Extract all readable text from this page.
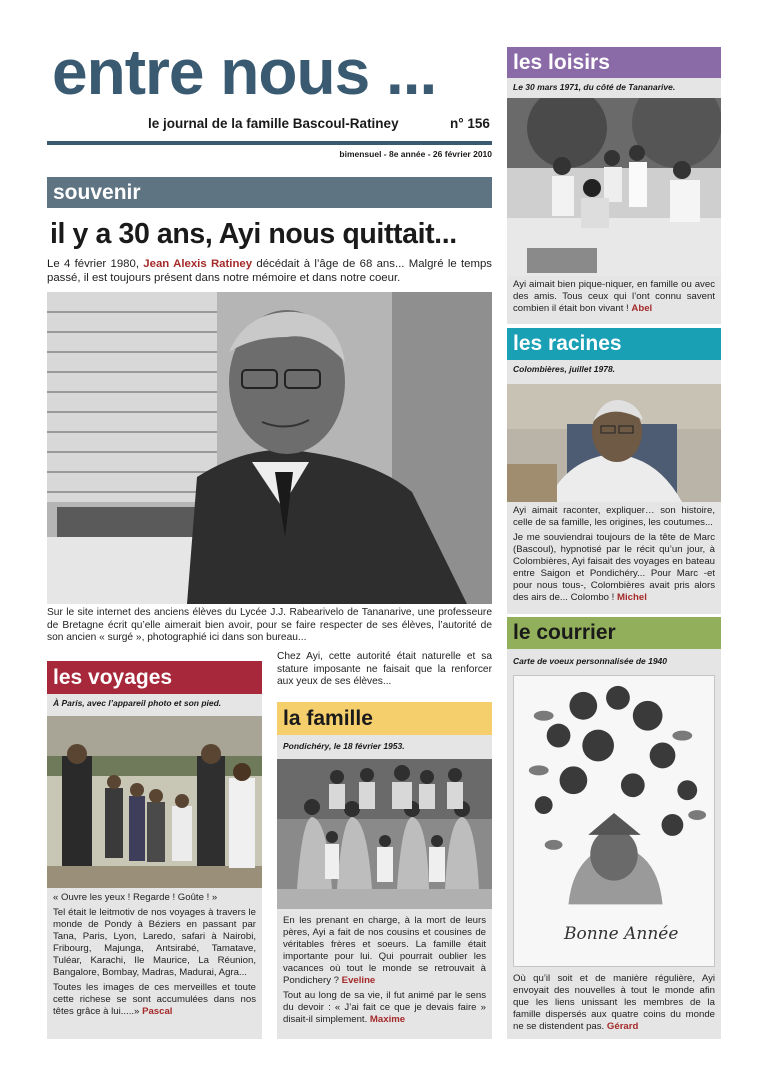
entre nous ...
le journal de la famille Bascoul-Ratiney	n° 156
bimensuel - 8e année - 26 février 2010
souvenir
il y a 30 ans, Ayi nous quittait...
Le 4 février 1980, Jean Alexis Ratiney décédait à l’âge de 68 ans... Malgré le temps passé, il est toujours présent dans notre mémoire et dans notre coeur.
Sur le site internet des anciens élèves du Lycée J.J. Rabearivelo de Tananarive, une professeure de Bretagne écrit qu’elle aimerait bien avoir, pour se faire respecter de ses élèves, l’autorité de son ancien « surgé », photographié ici dans son bureau...
Chez Ayi, cette autorité était naturelle et sa stature imposante ne faisait que la renforcer aux yeux de ses élèves...
les loisirs
Le 30 mars 1971, du côté de Tananarive.
Ayi aimait bien pique-niquer, en famille ou avec des amis. Tous ceux qui l’ont connu savent combien il était bon vivant ! Abel
les racines
Colombières, juillet 1978.

Ayi aimait raconter, expliquer… son histoire, celle de sa famille, les origines, les coutumes...

Je me souviendrai toujours de la tête de Marc (Bascoul), hypnotisé par le récit qu’un jour, à Colombières, Ayi faisait des voyages en bateau entre Saigon et Pondichéry... Pour Marc -et pour nous tous-, Colombières avait pris alors des airs de... Colombo ! Michel

le courrier
Carte de voeux personnalisée de 1940
Bonne Année
Où qu’il soit et de manière régulière, Ayi envoyait des nouvelles à tout le monde afin que les liens unissant les membres de la famille dispersés aux quatre coins du monde ne se distendent pas. Gérard
les voyages
À Paris, avec l’appareil photo et son pied.

« Ouvre les yeux ! Regarde ! Goûte ! »

Tel était le leitmotiv de nos voyages à travers le monde de Pondy à Béziers en passant par Tana, Paris, Lyon, Laredo, safari à Nairobi, Fribourg, Majunga, Antsirabé, Tamatave, Tuléar, Karachi, Ile Maurice, La Réunion, Bangalore, Bombay, Madras, Madurai, Agra...

Toutes les images de ces merveilles et toute cette richese se sont accumulées dans nos têtes grâce à lui.....» Pascal

la famille
Pondichéry, le 18 février 1953.

En les prenant en charge, à la mort de leurs pères, Ayi a fait de nos cousins et cousines de véritables frères et soeurs. La famille était importante pour lui. Qui pourrait oublier les vacances où tout le monde se retrouvait à Pondichery ? Eveline

Tout au long de sa vie, il fut animé par le sens du devoir : « J’ai fait ce que je devais faire » disait-il simplement. Maxime
